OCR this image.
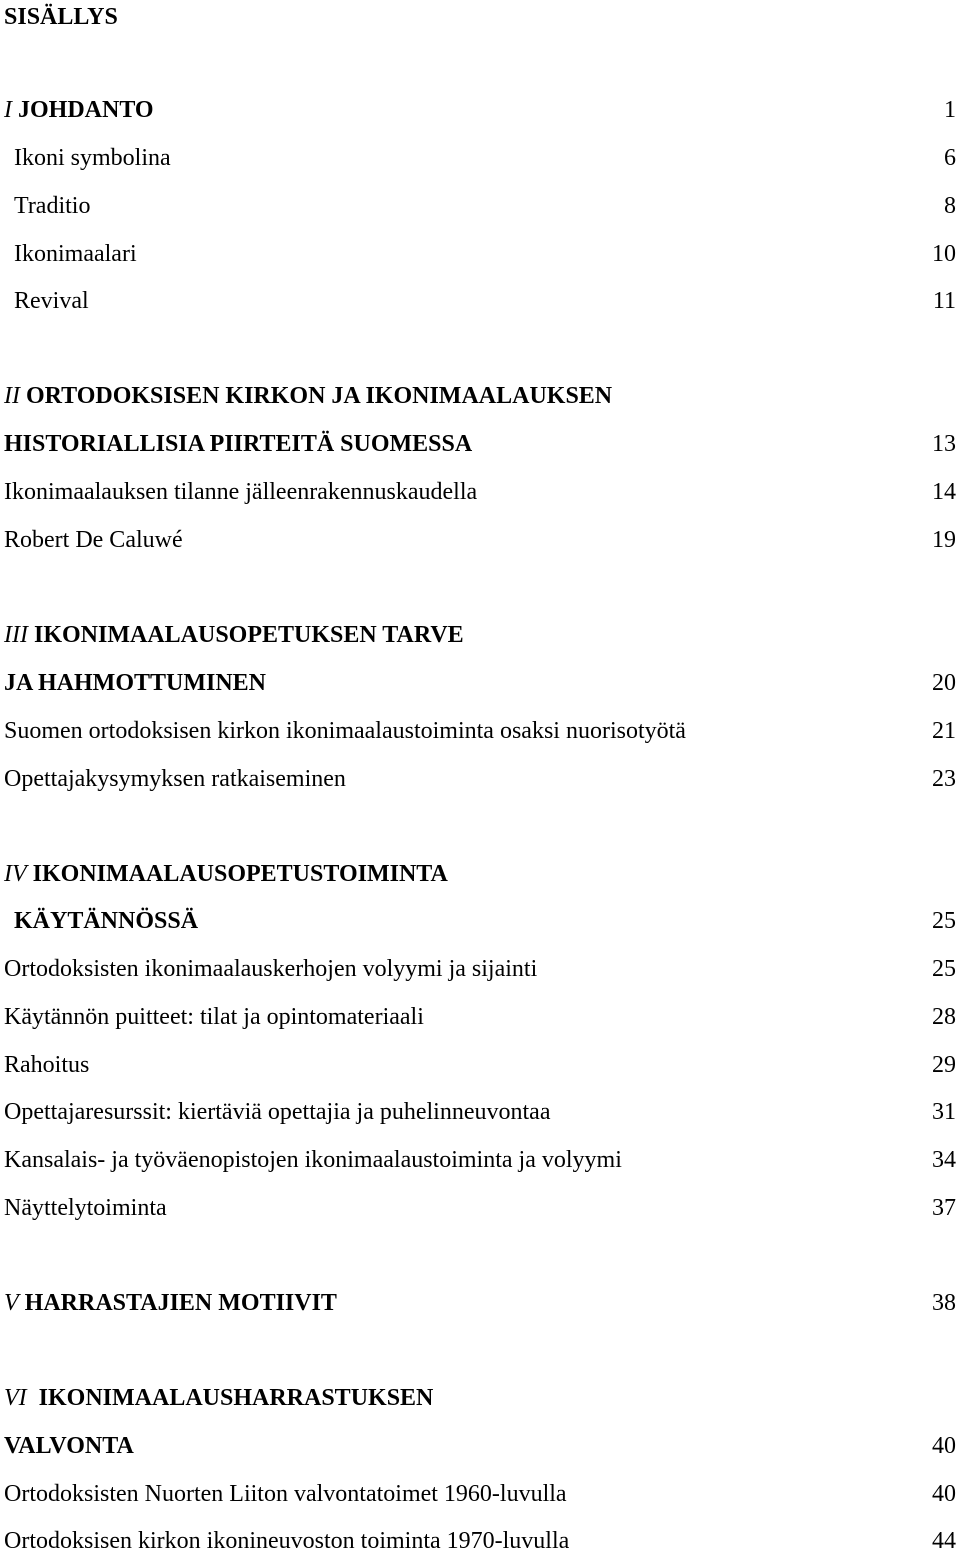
SISÄLLYS
I JOHDANTO	1
Ikoni symbolina	6
Traditio	8
Ikonimaalari	10
Revival	11
II ORTODOKSISEN KIRKON JA IKONIMAALAUKSEN
HISTORIALLISIA PIIRTEITÄ SUOMESSA	13
Ikonimaalauksen tilanne jälleenrakennuskaudella	14
Robert De Caluwé	19
III IKONIMAALAUSOPETUKSEN TARVE
JA HAHMOTTUMINEN	20
Suomen ortodoksisen kirkon ikonimaalaustoiminta osaksi nuorisotyötä	21
Opettajakysymyksen ratkaiseminen	23
IV IKONIMAALAUSOPETUSTOIMINTA
KÄYTÄNNÖSSÄ	25
Ortodoksisten ikonimaalauskerhojen volyymi ja sijainti	25
Käytännön puitteet: tilat ja opintomateriaali	28
Rahoitus	29
Opettajaresurssit: kiertäviä opettajia ja puhelinneuvontaa	31
Kansalais- ja työväenopistojen ikonimaalaustoiminta ja volyymi	34
Näyttelytoiminta	37
V HARRASTAJIEN MOTIIVIT	38
VI IKONIMAALAUSHARRASTUKSEN
VALVONTA	40
Ortodoksisten Nuorten Liiton valvontatoimet 1960-luvulla	40
Ortodoksisen kirkon ikonineuvoston toiminta 1970-luvulla	44
